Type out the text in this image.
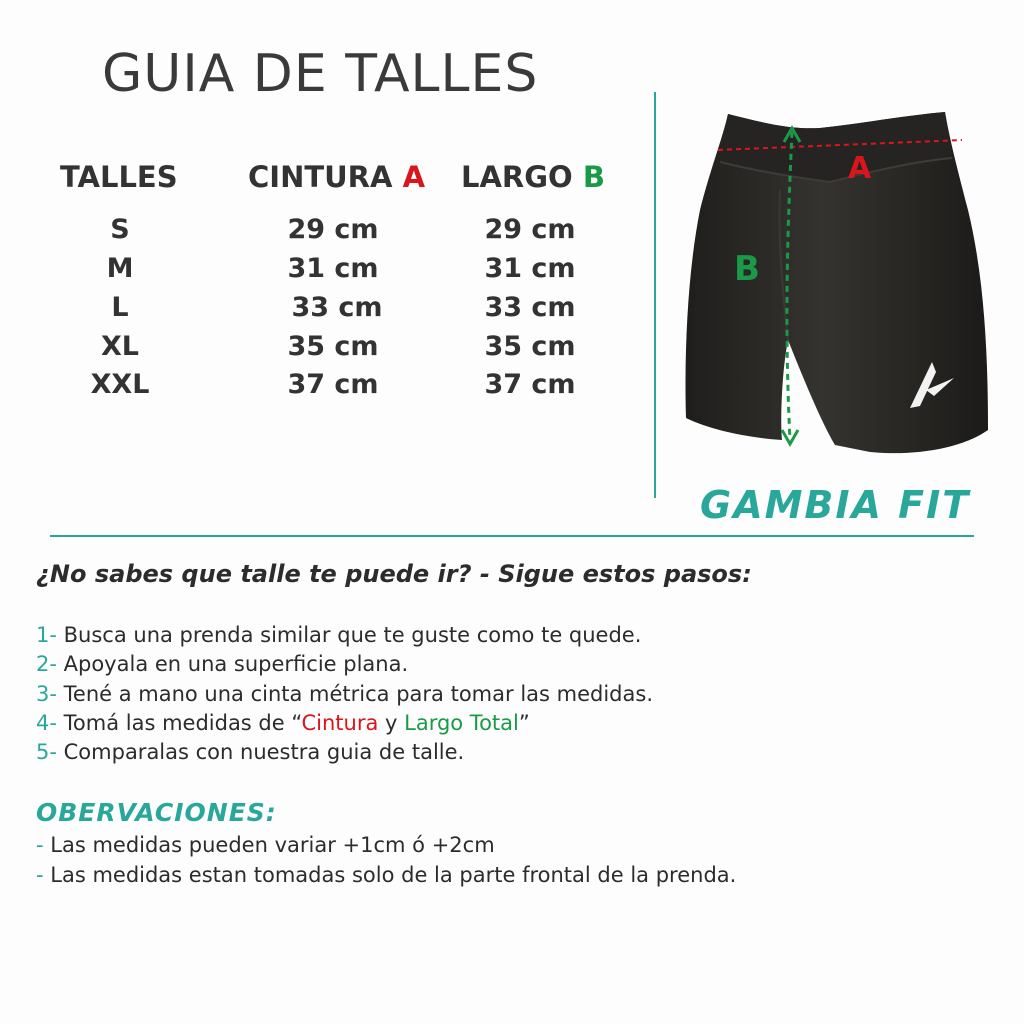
GUIA DE TALLES
TALLES CINTURA A LARGO B
S	29 cm	29 cm
M	31 cm	31 cm
L	33 cm	33 cm
XL	35 cm	35 cm
XXL	37 cm	37 cm
A
B
GAMBIA FIT
¿No sabes que talle te puede ir? - Sigue estos pasos:
1- Busca una prenda similar que te guste como te quede.
2- Apoyala en una superficie plana.
3- Tené a mano una cinta métrica para tomar las medidas.
4- Tomá las medidas de “Cintura y Largo Total”
5- Comparalas con nuestra guia de talle.
OBERVACIONES:
- Las medidas pueden variar +1cm ó +2cm
- Las medidas estan tomadas solo de la parte frontal de la prenda.
